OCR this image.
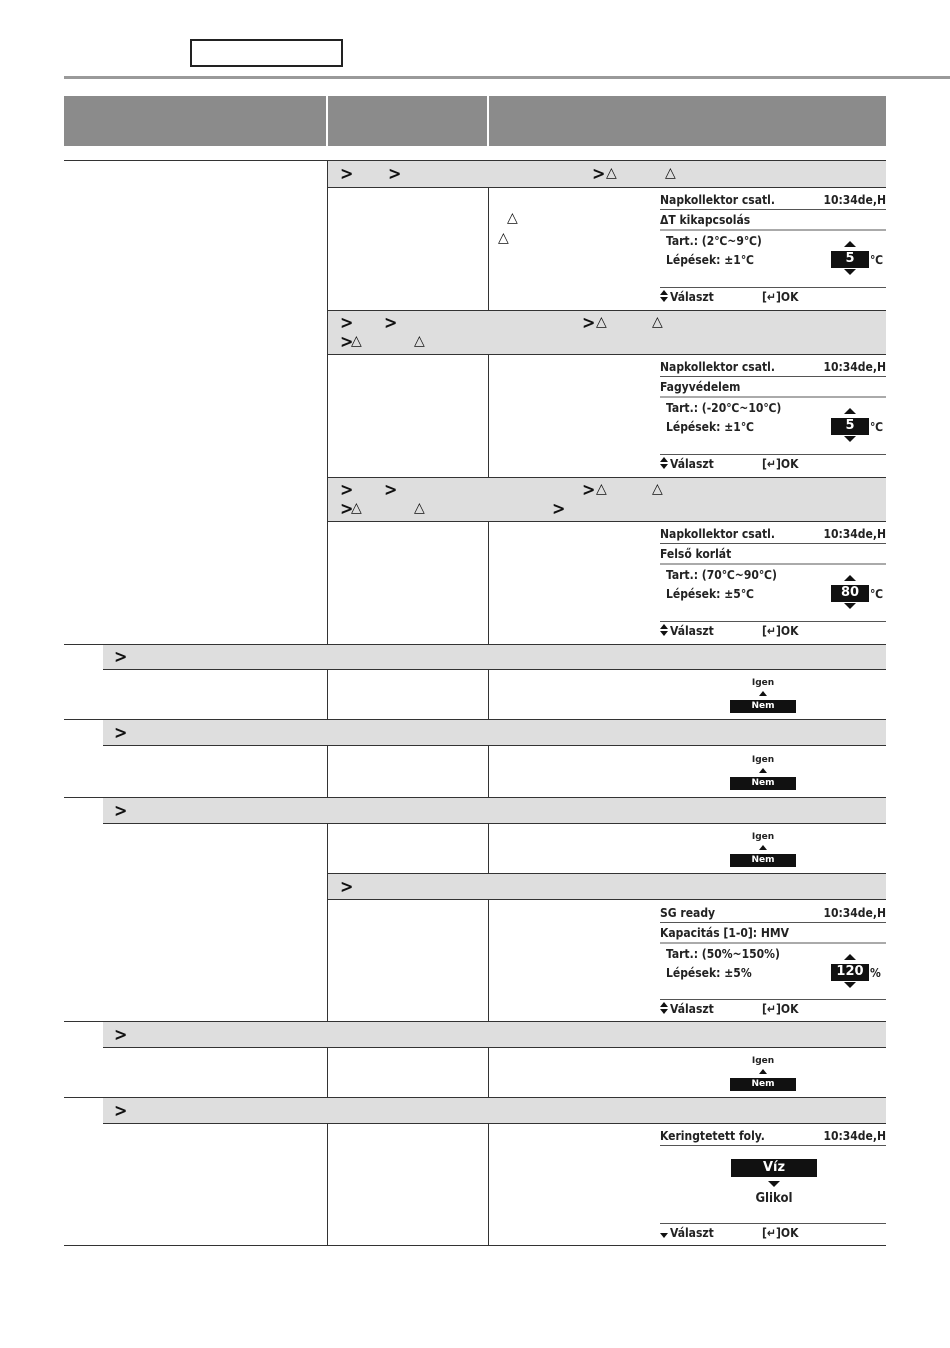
> >	> △	△
△
△
Napkollektor csatl.	10:34de,H
ΔT kikapcsolás
Tart.: (2℃~9℃)
Lépések: ±1℃	5	℃
Választ	[↵]OK
> >	> △	△
>
△	△
Napkollektor csatl.	10:34de,H
Fagyvédelem
Tart.: (-20℃~10℃)
Lépések: ±1℃	5	℃
Választ	[↵]OK
> >	> △	△
>
△	△	>
Napkollektor csatl.	10:34de,H
Felső korlát
Tart.: (70℃~90℃)
Lépések: ±5℃	80 ℃
Választ	[↵]OK
>
Igen
Nem
>
Igen
Nem
>
Igen
Nem
>
SG ready	10:34de,H
Kapacitás [1-0]: HMV
Tart.: (50%~150%)
Lépések: ±5%	120 %
Választ	[↵]OK
>
Igen
Nem
>
Keringtetett foly.	10:34de,H
Víz
Glikol
Választ	[↵]OK
